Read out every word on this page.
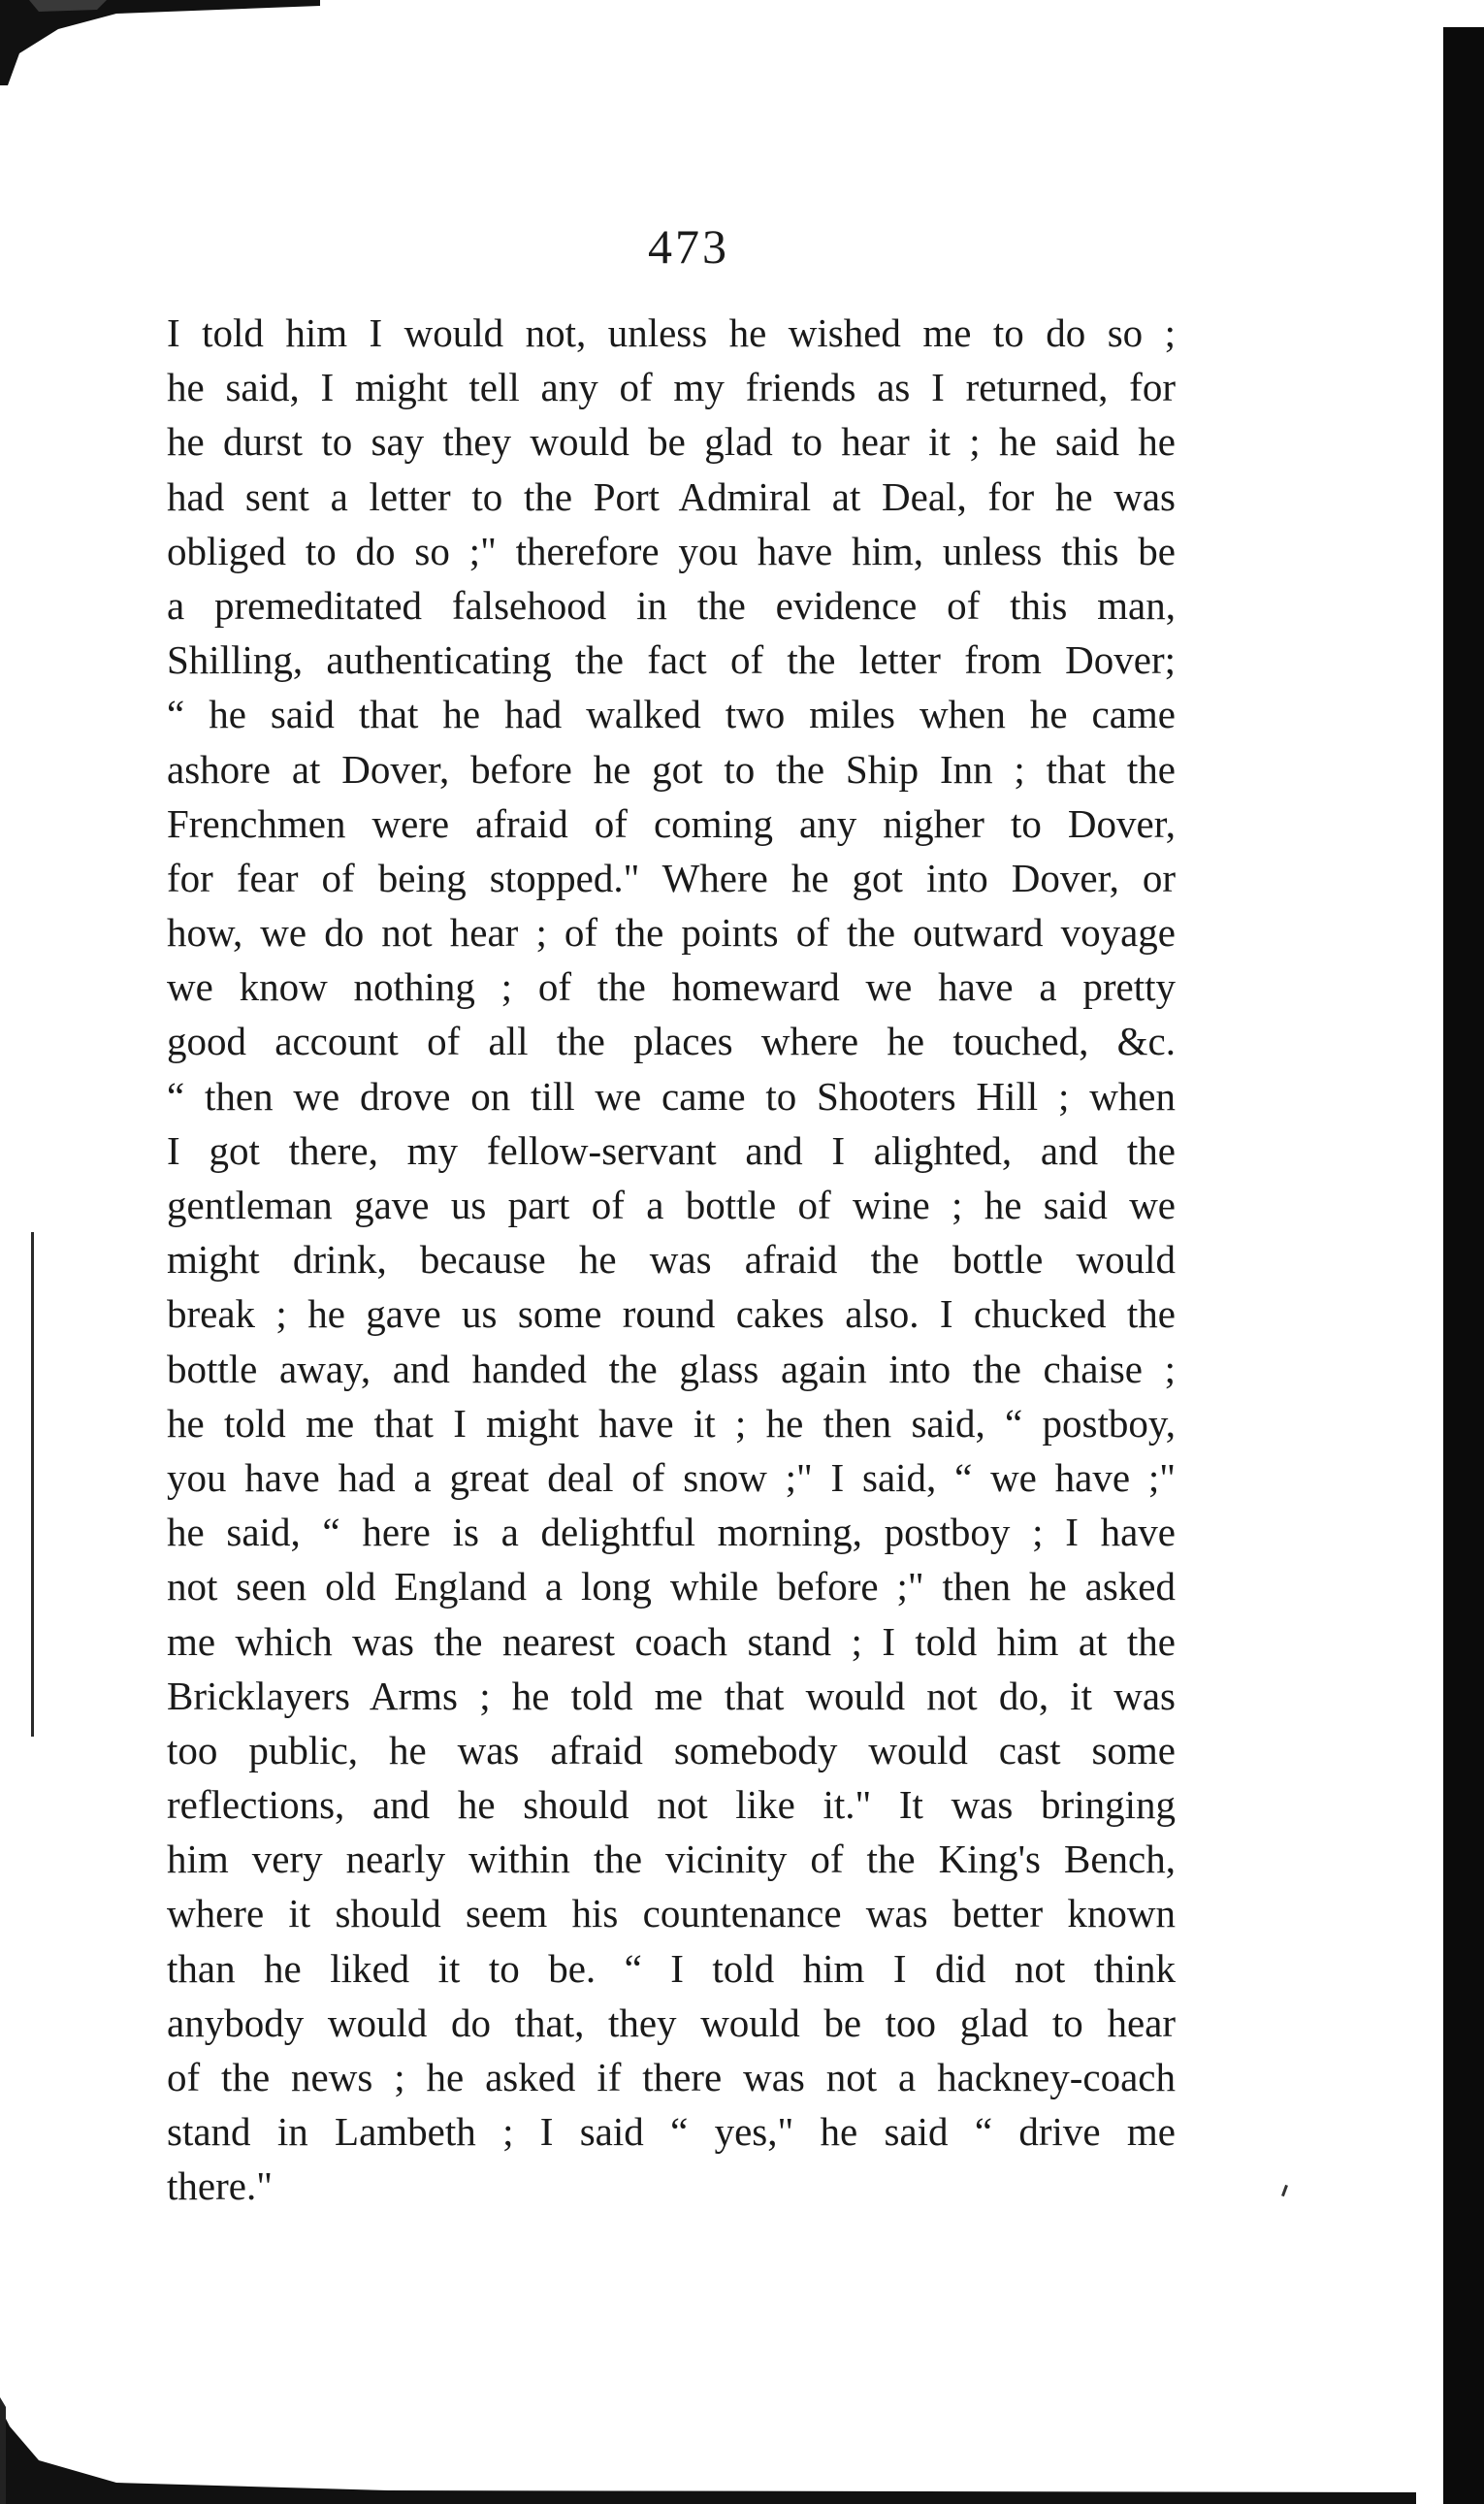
473
I told him I would not, unless he wished me to do so ;
he said, I might tell any of my friends as I returned, for
he durst to say they would be glad to hear it ; he said he
had sent a letter to the Port Admiral at Deal, for he was
obliged to do so ;" therefore you have him, unless this be
a premeditated falsehood in the evidence of this man,
Shilling, authenticating the fact of the letter from Dover;
“ he said that he had walked two miles when he came
ashore at Dover, before he got to the Ship Inn ; that the
Frenchmen were afraid of coming any nigher to Dover,
for fear of being stopped." Where he got into Dover, or
how, we do not hear ; of the points of the outward voyage
we know nothing ; of the homeward we have a pretty
good account of all the places where he touched, &c.
“ then we drove on till we came to Shooters Hill ; when
I got there, my fellow-servant and I alighted, and the
gentleman gave us part of a bottle of wine ; he said we
might drink, because he was afraid the bottle would
break ; he gave us some round cakes also. I chucked the
bottle away, and handed the glass again into the chaise ;
he told me that I might have it ; he then said, “ postboy,
you have had a great deal of snow ;" I said, “ we have ;"
he said, “ here is a delightful morning, postboy ; I have
not seen old England a long while before ;" then he asked
me which was the nearest coach stand ; I told him at the
Bricklayers Arms ; he told me that would not do, it was
too public, he was afraid somebody would cast some
reflections, and he should not like it." It was bringing
him very nearly within the vicinity of the King's Bench,
where it should seem his countenance was better known
than he liked it to be. “ I told him I did not think
anybody would do that, they would be too glad to hear
of the news ; he asked if there was not a hackney-coach
stand in Lambeth ; I said “ yes," he said “ drive me
there."
